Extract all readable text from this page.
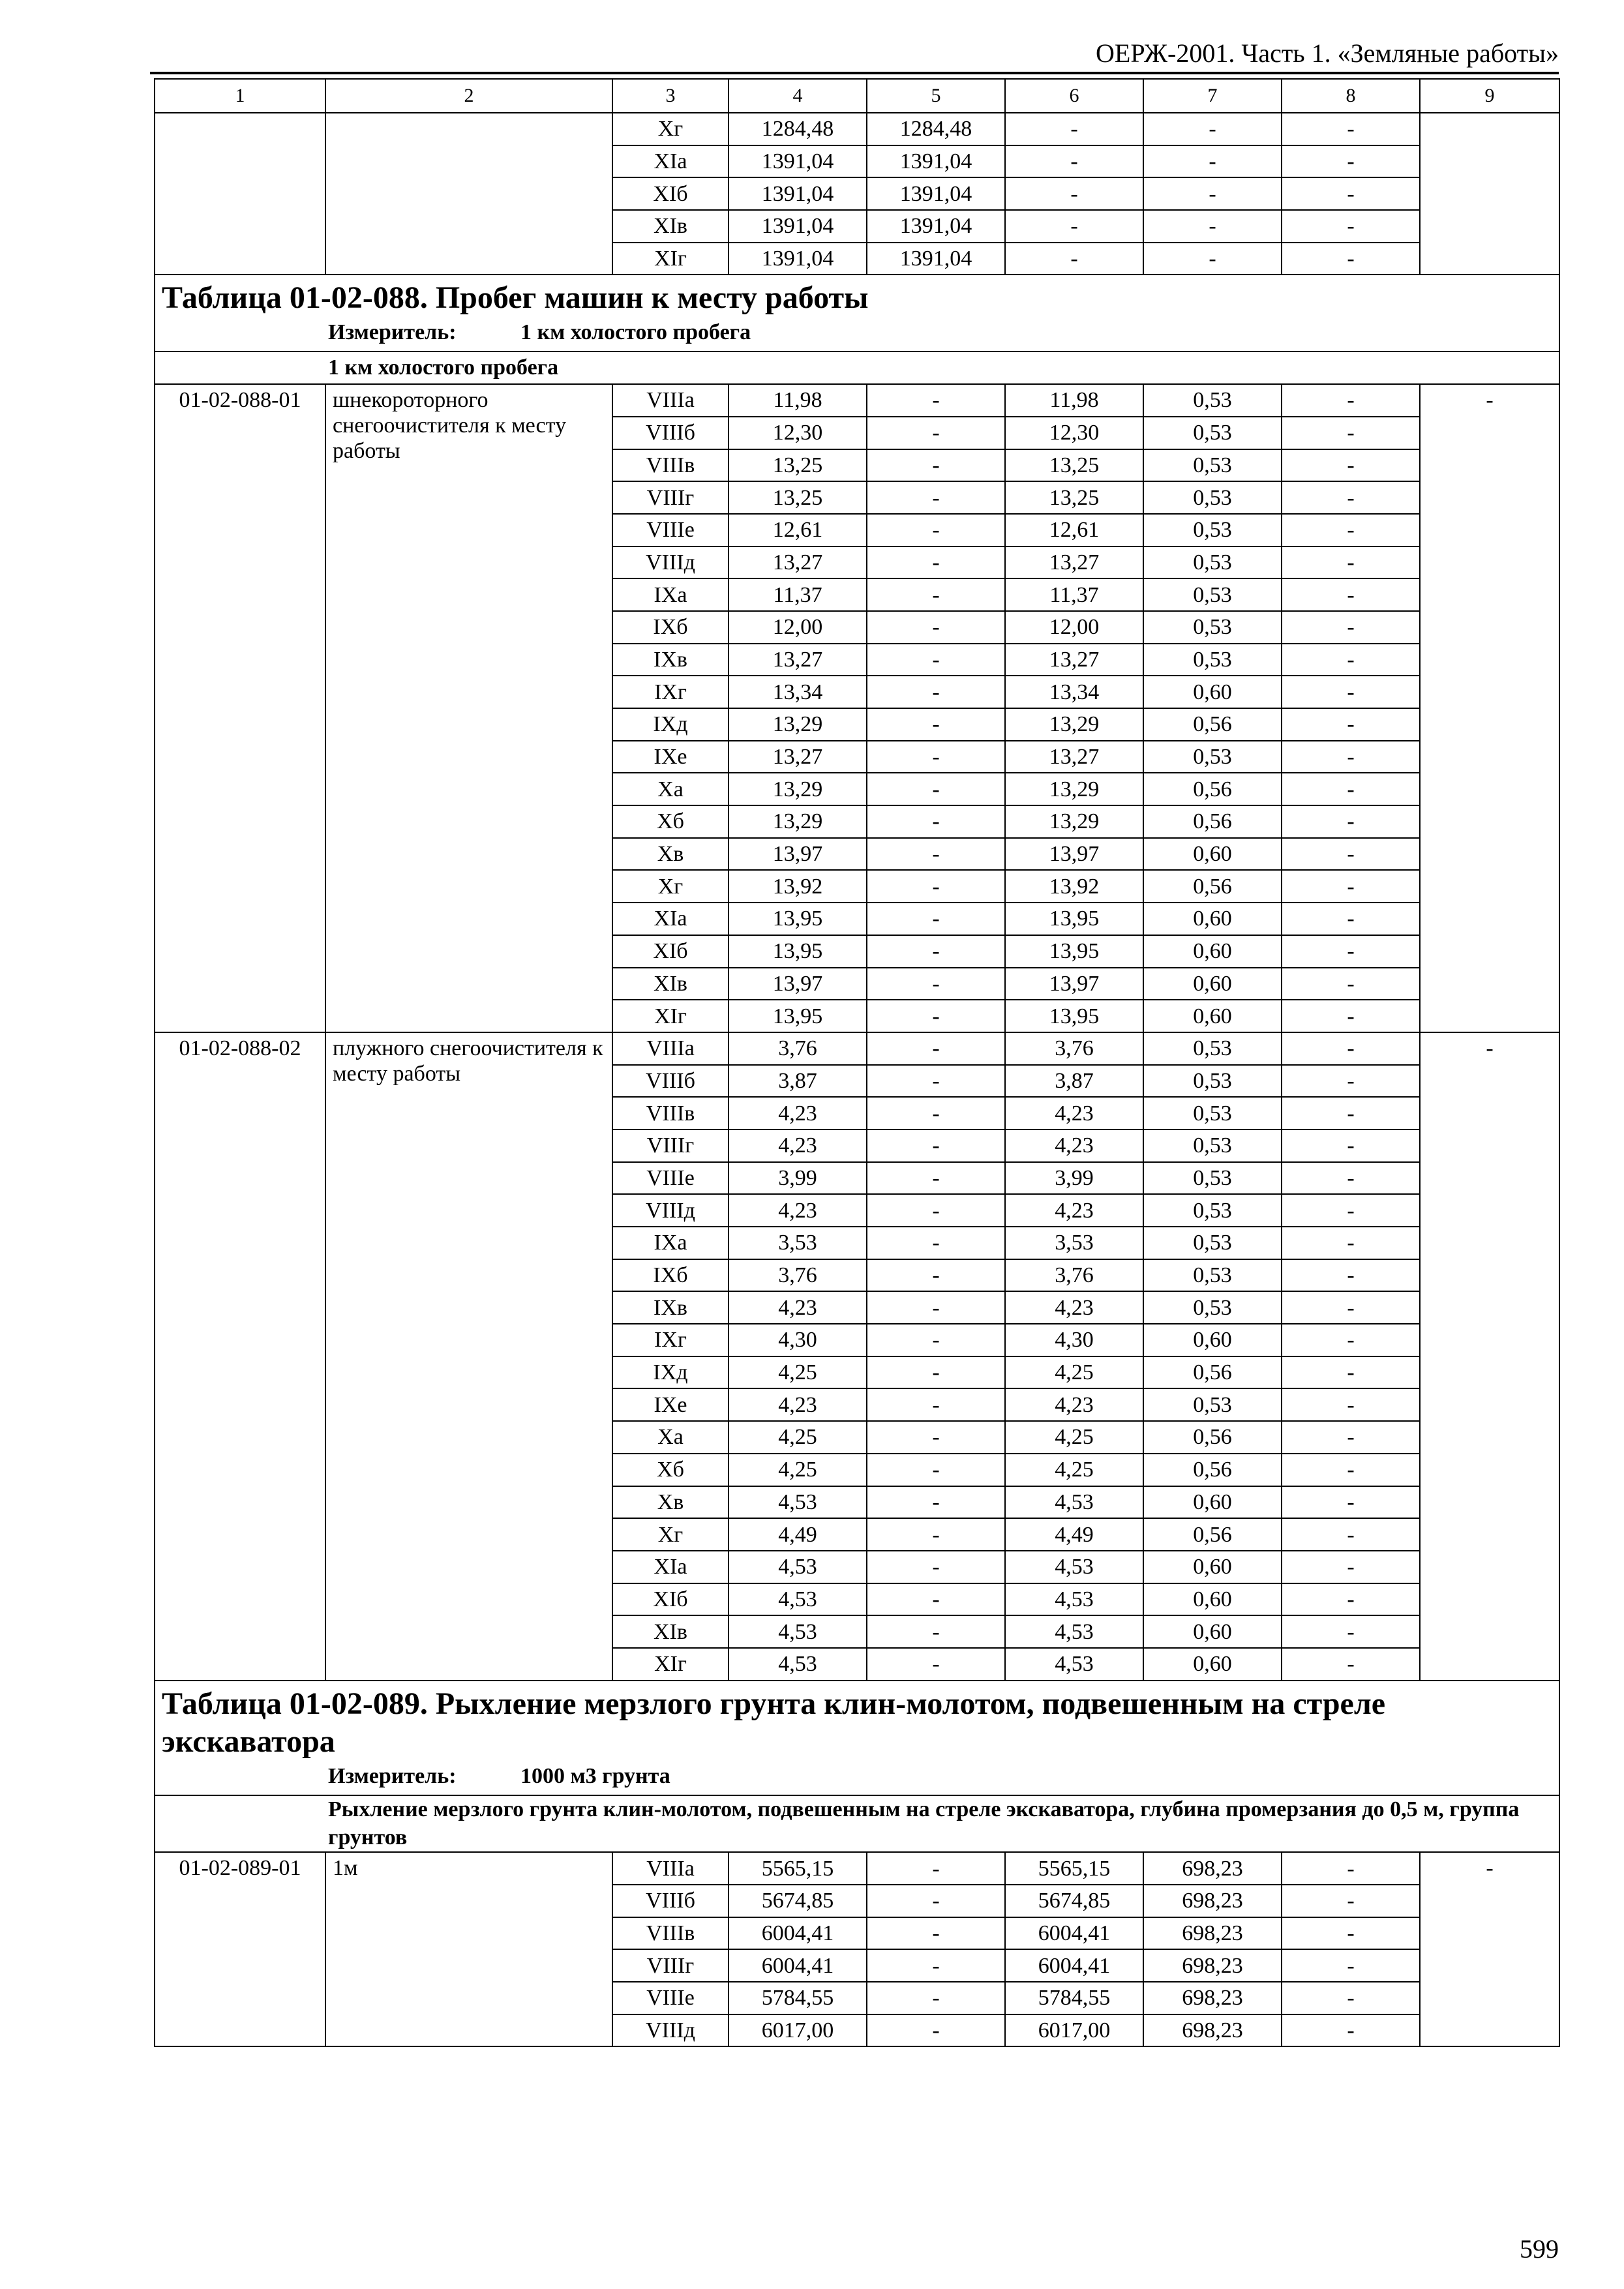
ОЕРЖ-2001. Часть 1. «Земляные работы»
1	2	3	4	5	6	7	8	9
		Xг	1284,48	1284,48	-	-	-	
		XIа	1391,04	1391,04	-	-	-	
		XIб	1391,04	1391,04	-	-	-	
		XIв	1391,04	1391,04	-	-	-	
		XIг	1391,04	1391,04	-	-	-	

Таблица 01-02-088. Пробег машин к месту работы
Измеритель: 1 км холостого пробега								

1 км холостого пробега								
01-02-088-01	шнекороторного снегоочистителя к месту работы	VIIIа	11,98	-	11,98	0,53	-	-
		VIIIб	12,30	-	12,30	0,53	-	
		VIIIв	13,25	-	13,25	0,53	-	
		VIIIг	13,25	-	13,25	0,53	-	
		VIIIе	12,61	-	12,61	0,53	-	
		VIIIд	13,27	-	13,27	0,53	-	
		IXа	11,37	-	11,37	0,53	-	
		IXб	12,00	-	12,00	0,53	-	
		IXв	13,27	-	13,27	0,53	-	
		IXг	13,34	-	13,34	0,60	-	
		IXд	13,29	-	13,29	0,56	-	
		IXе	13,27	-	13,27	0,53	-	
		Xа	13,29	-	13,29	0,56	-	
		Xб	13,29	-	13,29	0,56	-	
		Xв	13,97	-	13,97	0,60	-	
		Xг	13,92	-	13,92	0,56	-	
		XIа	13,95	-	13,95	0,60	-	
		XIб	13,95	-	13,95	0,60	-	
		XIв	13,97	-	13,97	0,60	-	
		XIг	13,95	-	13,95	0,60	-	
01-02-088-02	плужного снегоочистителя к месту работы	VIIIа	3,76	-	3,76	0,53	-	-
		VIIIб	3,87	-	3,87	0,53	-	
		VIIIв	4,23	-	4,23	0,53	-	
		VIIIг	4,23	-	4,23	0,53	-	
		VIIIе	3,99	-	3,99	0,53	-	
		VIIIд	4,23	-	4,23	0,53	-	
		IXа	3,53	-	3,53	0,53	-	
		IXб	3,76	-	3,76	0,53	-	
		IXв	4,23	-	4,23	0,53	-	
		IXг	4,30	-	4,30	0,60	-	
		IXд	4,25	-	4,25	0,56	-	
		IXе	4,23	-	4,23	0,53	-	
		Xа	4,25	-	4,25	0,56	-	
		Xб	4,25	-	4,25	0,56	-	
		Xв	4,53	-	4,53	0,60	-	
		Xг	4,49	-	4,49	0,56	-	
		XIа	4,53	-	4,53	0,60	-	
		XIб	4,53	-	4,53	0,60	-	
		XIв	4,53	-	4,53	0,60	-	
		XIг	4,53	-	4,53	0,60	-	

Таблица 01-02-089. Рыхление мерзлого грунта клин-молотом, подвешенным на стреле экскаватора
Измеритель: 1000 м3 грунта								

Рыхление мерзлого грунта клин-молотом, подвешенным на стреле экскаватора, глубина промерзания до 0,5 м, группа грунтов								
01-02-089-01	1м	VIIIа	5565,15	-	5565,15	698,23	-	-
		VIIIб	5674,85	-	5674,85	698,23	-	
		VIIIв	6004,41	-	6004,41	698,23	-	
		VIIIг	6004,41	-	6004,41	698,23	-	
		VIIIе	5784,55	-	5784,55	698,23	-	
		VIIIд	6017,00	-	6017,00	698,23	-	
599
